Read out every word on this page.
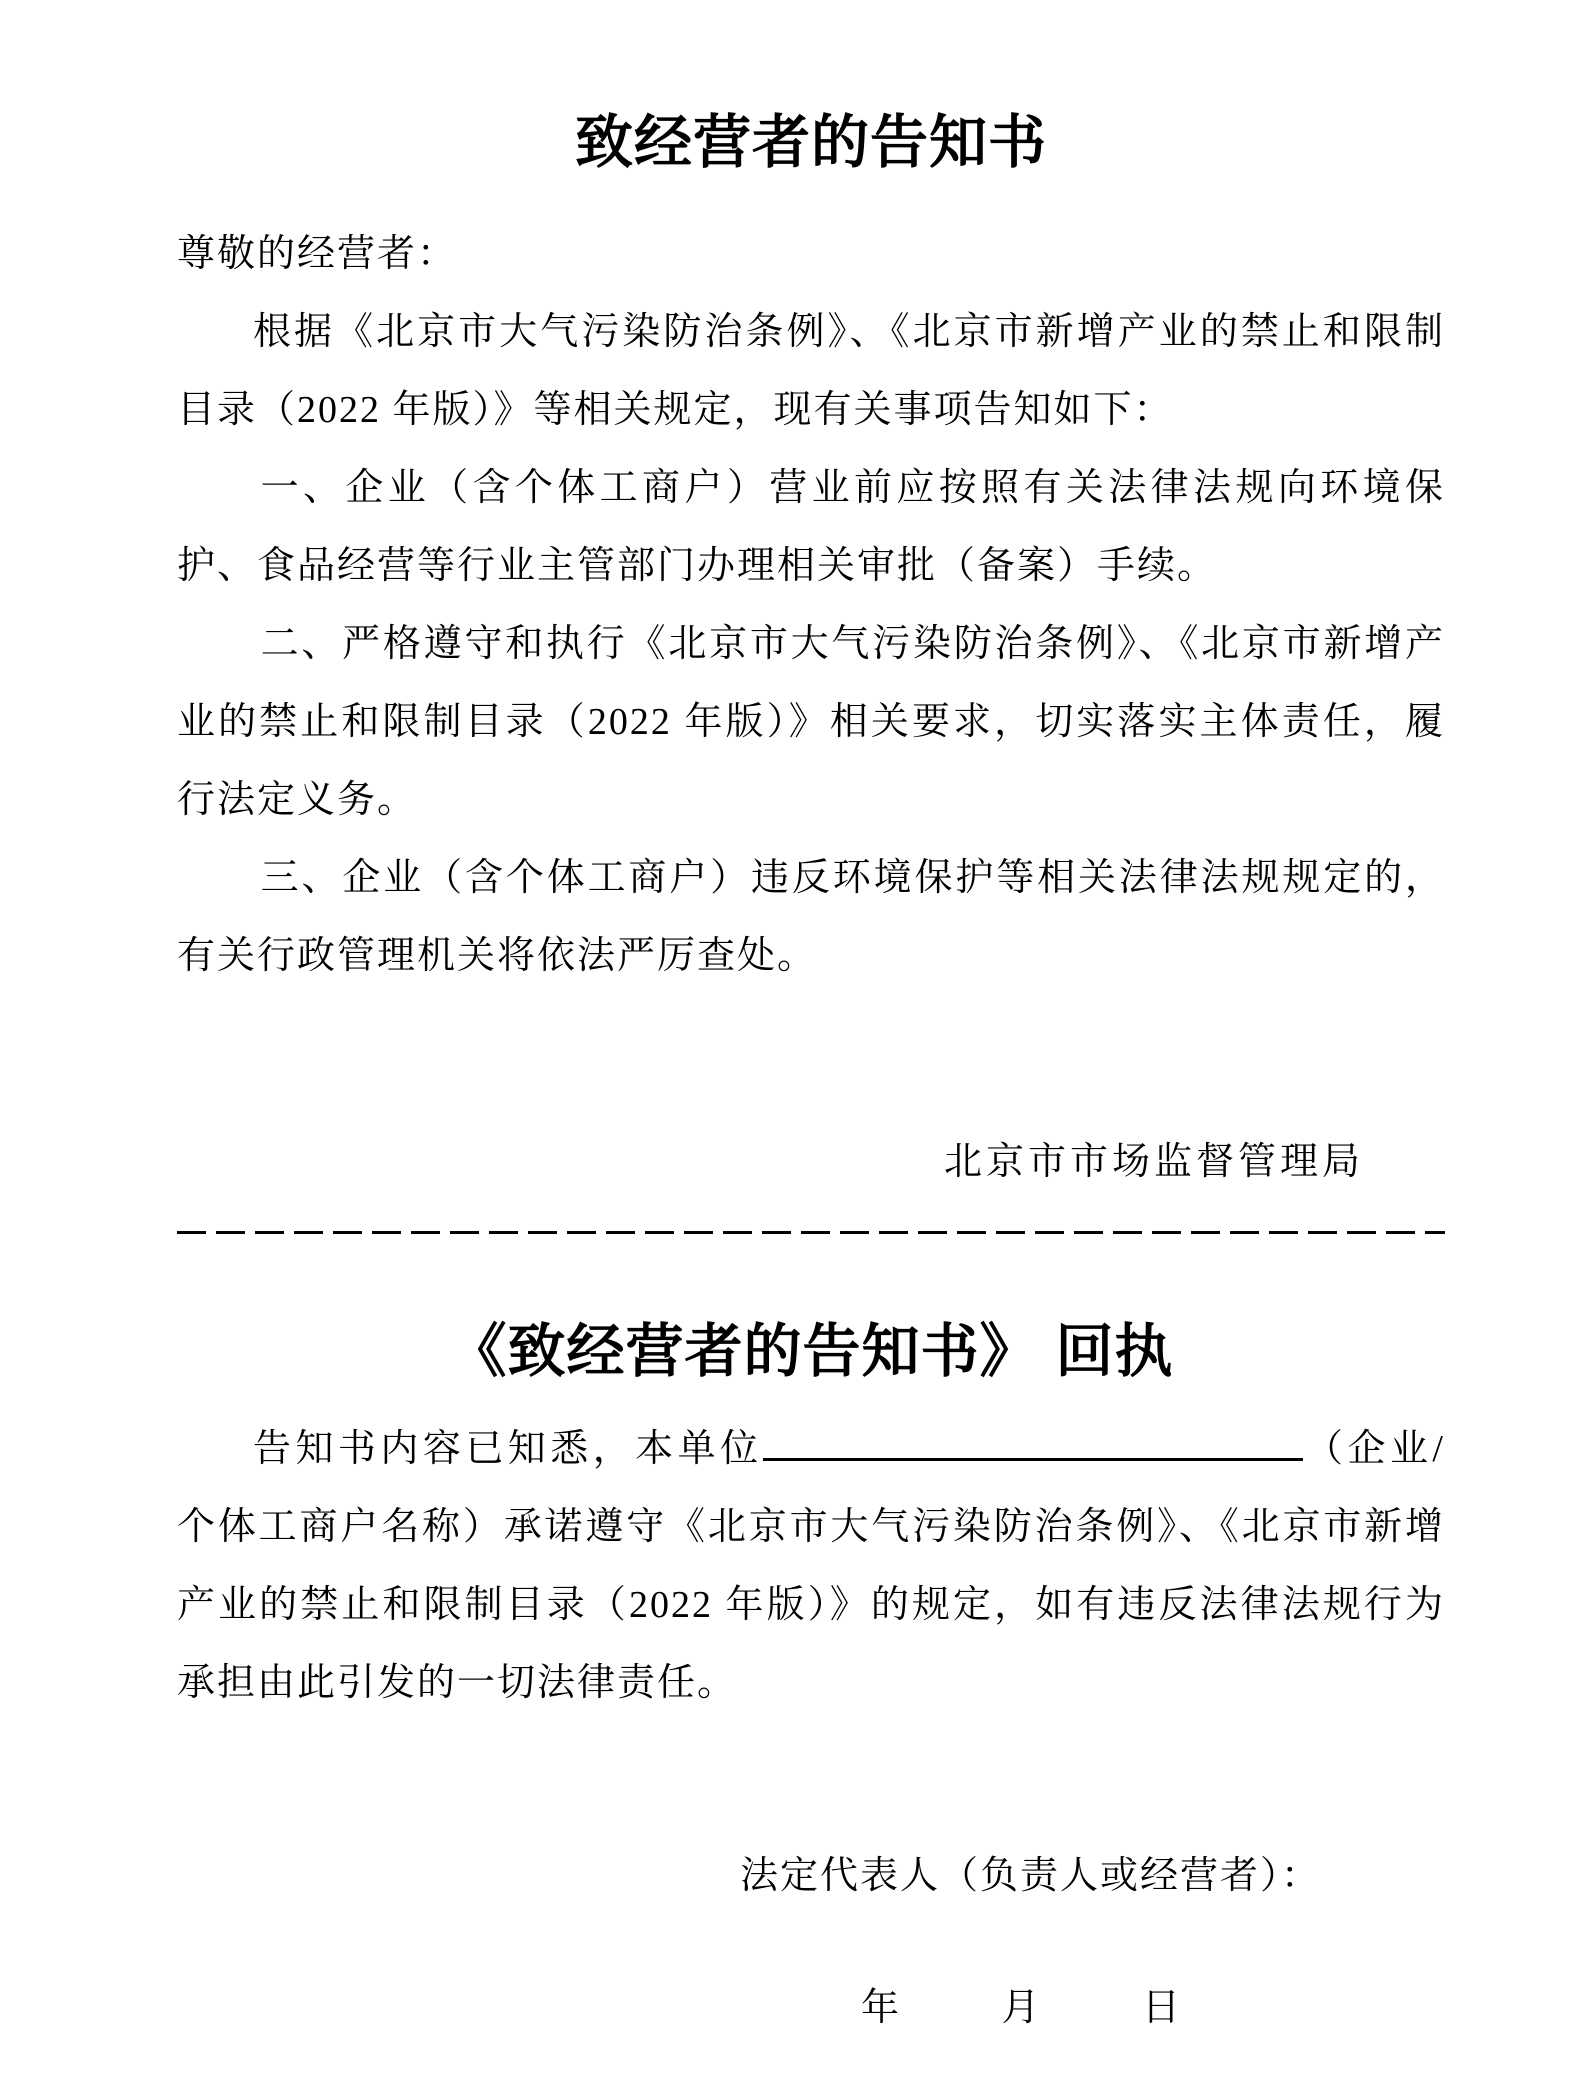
致经营者的告知书

尊敬的经营者：

根据《北京市大气污染防治条例》、《北京市新增产业的禁止和限制目录（2022 年版）》等相关规定，现有关事项告知如下：

一、企业（含个体工商户）营业前应按照有关法律法规向环境保护、食品经营等行业主管部门办理相关审批（备案）手续。

二、严格遵守和执行《北京市大气污染防治条例》、《北京市新增产业的禁止和限制目录（2022 年版）》相关要求，切实落实主体责任，履行法定义务。

三、企业（含个体工商户）违反环境保护等相关法律法规规定的，有关行政管理机关将依法严厉查处。

北京市市场监督管理局

《致经营者的告知书》 回执

告知书内容已知悉，本单位	（企业/个体工商户名称）承诺遵守《北京市大气污染防治条例》、《北京市新增产业的禁止和限制目录（2022 年版）》的规定，如有违反法律法规行为承担由此引发的一切法律责任。

法定代表人（负责人或经营者）：

年	月	日
